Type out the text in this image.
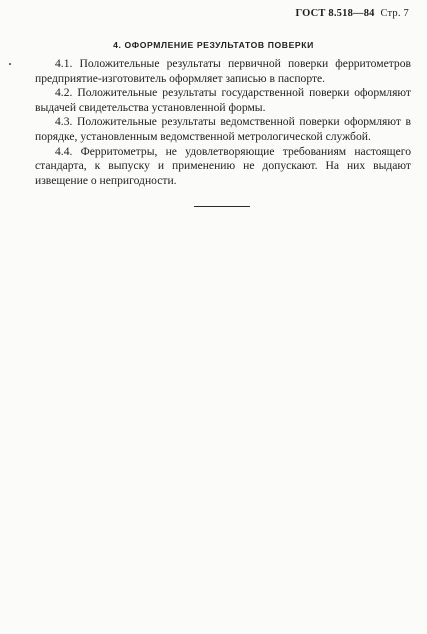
ГОСТ 8.518—84 Стр. 7
4. ОФОРМЛЕНИЕ РЕЗУЛЬТАТОВ ПОВЕРКИ

4.1. Положительные результаты первичной поверки ферритометров предприятие-изготовитель оформляет записью в паспорте.

4.2. Положительные результаты государственной поверки оформляют выдачей свидетельства установленной формы.

4.3. Положительные результаты ведомственной поверки оформляют в порядке, установленным ведомственной метрологической службой.

4.4. Ферритометры, не удовлетворяющие требованиям настоящего стандарта, к выпуску и применению не допускают. На них выдают извещение о непригодности.
